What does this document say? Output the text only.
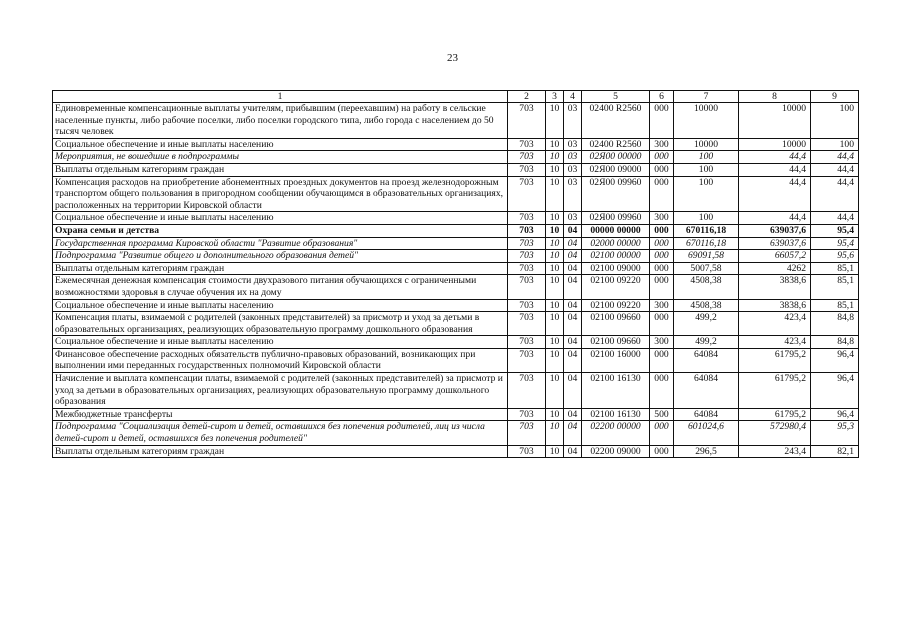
23
1	2	3	4	5	6	7	8	9
Единовременные компенсационные выплаты учителям, прибывшим (переехавшим) на работу в сельские населенные пункты, либо рабочие поселки, либо поселки городского типа, либо города с населением до 50 тысяч человек	703	10	03	02400 R2560	000	10000	10000	100
Социальное обеспечение и иные выплаты населению	703	10	03	02400 R2560	300	10000	10000	100
Мероприятия, не вошедшие в подпрограммы	703	10	03	02Я00 00000	000	100	44,4	44,4
Выплаты отдельным категориям граждан	703	10	03	02Я00 09000	000	100	44,4	44,4
Компенсация расходов на приобретение абонементных проездных документов на проезд железнодорожным транспортом общего пользования в пригородном сообщении обучающимся в образовательных организациях, расположенных на территории Кировской области	703	10	03	02Я00 09960	000	100	44,4	44,4
Социальное обеспечение и иные выплаты населению	703	10	03	02Я00 09960	300	100	44,4	44,4
Охрана семьи и детства	703	10	04	00000 00000	000	670116,18	639037,6	95,4
Государственная программа Кировской области "Развитие образования"	703	10	04	02000 00000	000	670116,18	639037,6	95,4
Подпрограмма "Развитие общего и дополнительного образования детей"	703	10	04	02100 00000	000	69091,58	66057,2	95,6
Выплаты отдельным категориям граждан	703	10	04	02100 09000	000	5007,58	4262	85,1
Ежемесячная денежная компенсация стоимости двухразового питания обучающихся с ограниченными возможностями здоровья в случае обучения их на дому	703	10	04	02100 09220	000	4508,38	3838,6	85,1
Социальное обеспечение и иные выплаты населению	703	10	04	02100 09220	300	4508,38	3838,6	85,1
Компенсация платы, взимаемой с родителей (законных представителей) за присмотр и уход за детьми в образовательных организациях, реализующих образовательную программу дошкольного образования	703	10	04	02100 09660	000	499,2	423,4	84,8
Социальное обеспечение и иные выплаты населению	703	10	04	02100 09660	300	499,2	423,4	84,8
Финансовое обеспечение расходных обязательств публично-правовых образований, возникающих при выполнении ими переданных государственных полномочий Кировской области	703	10	04	02100 16000	000	64084	61795,2	96,4
Начисление и выплата компенсации платы, взимаемой с родителей (законных представителей) за присмотр и уход за детьми в образовательных организациях, реализующих образовательную программу дошкольного образования	703	10	04	02100 16130	000	64084	61795,2	96,4
Межбюджетные трансферты	703	10	04	02100 16130	500	64084	61795,2	96,4
Подпрограмма "Социализация детей-сирот и детей, оставшихся без попечения родителей, лиц из числа детей-сирот и детей, оставшихся без попечения родителей"	703	10	04	02200 00000	000	601024,6	572980,4	95,3
Выплаты отдельным категориям граждан	703	10	04	02200 09000	000	296,5	243,4	82,1
